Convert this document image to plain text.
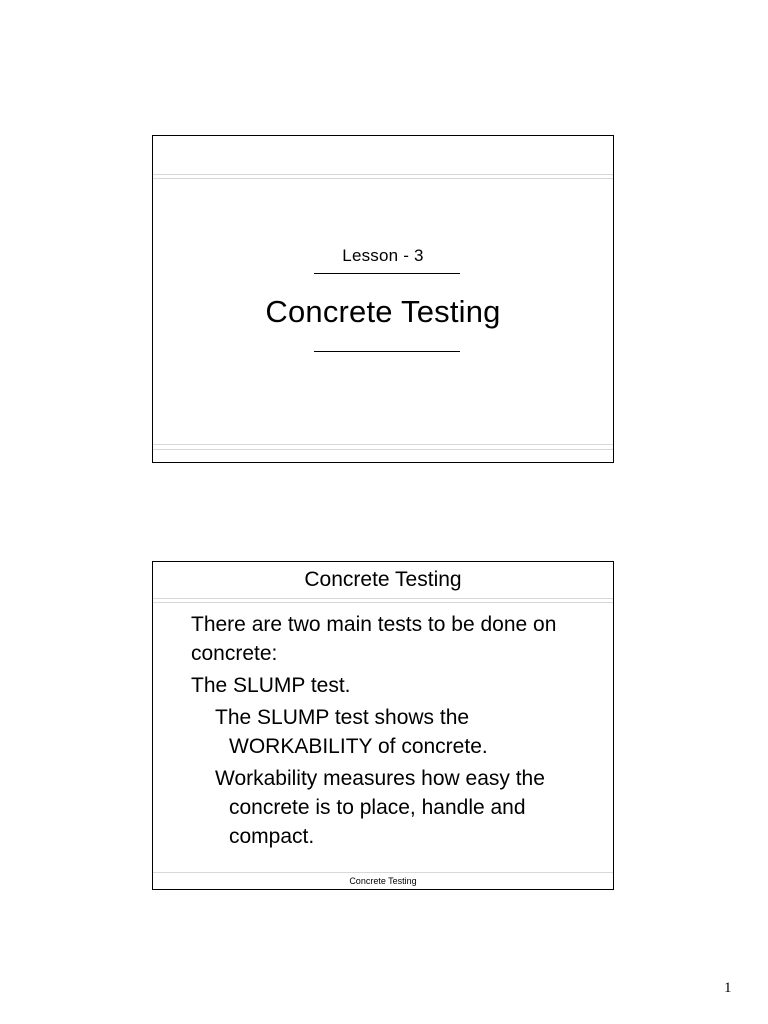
Lesson - 3
Concrete Testing
Concrete Testing

There are two main tests to be done on concrete:

The SLUMP test.

The SLUMP test shows the WORKABILITY of concrete.

Workability measures how easy the concrete is to place, handle and compact.

Concrete Testing
1
